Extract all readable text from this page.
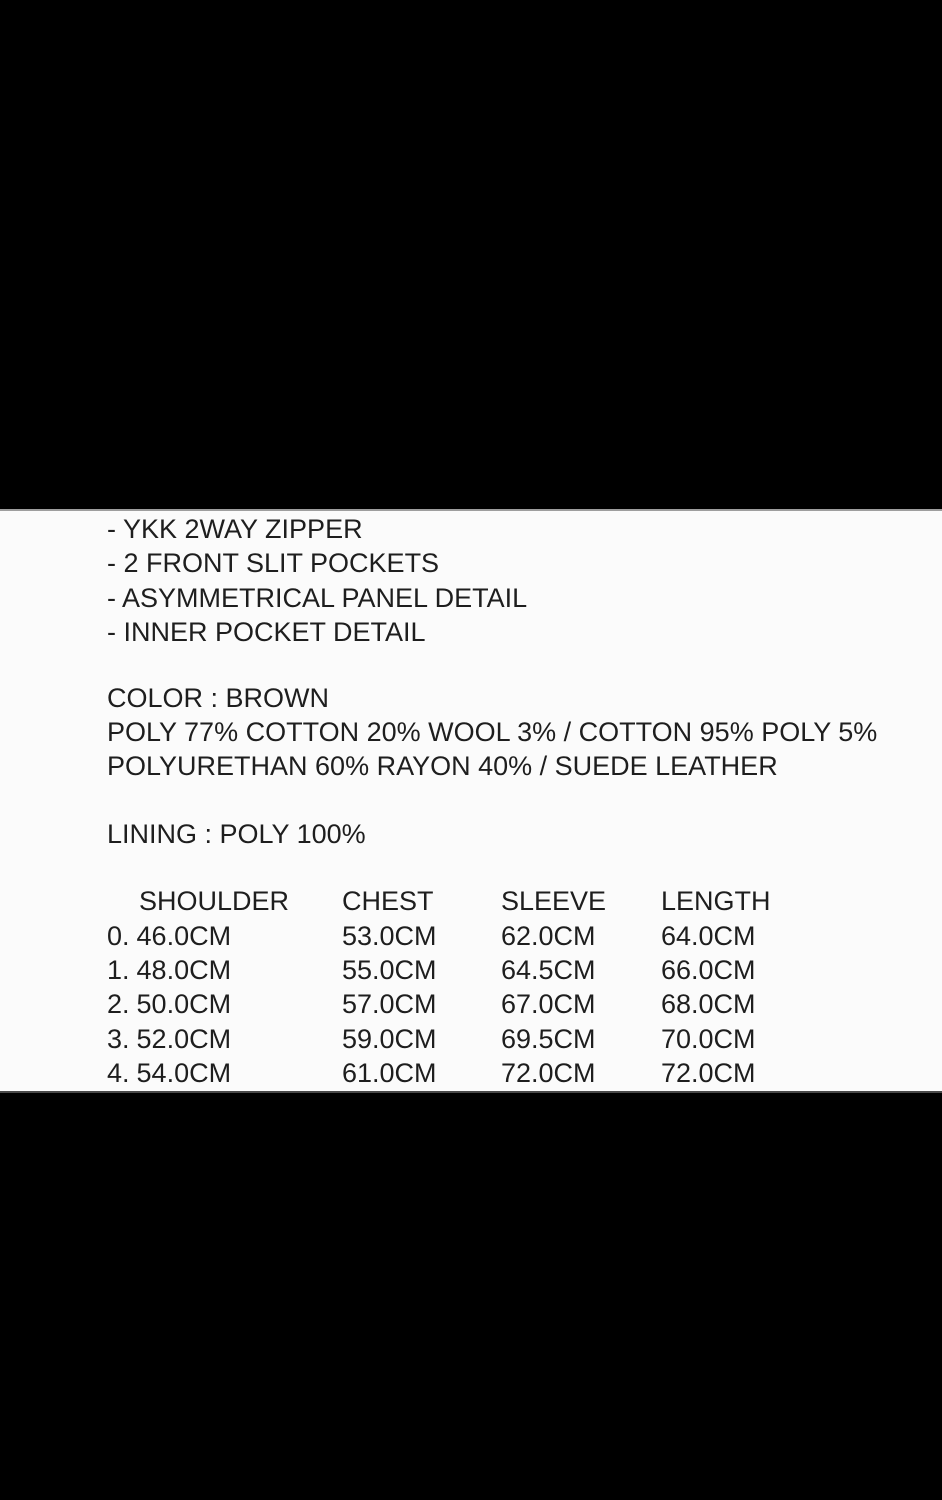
- YKK 2WAY ZIPPER
- 2 FRONT SLIT POCKETS
- ASYMMETRICAL PANEL DETAIL
- INNER POCKET DETAIL
COLOR : BROWN
POLY 77% COTTON 20% WOOL 3% / COTTON 95% POLY 5%
POLYURETHAN 60% RAYON 40% / SUEDE LEATHER
LINING : POLY 100%
SHOULDER	CHEST	SLEEVE	LENGTH
0. 46.0CM	53.0CM	62.0CM	64.0CM
1. 48.0CM	55.0CM	64.5CM	66.0CM
2. 50.0CM	57.0CM	67.0CM	68.0CM
3. 52.0CM	59.0CM	69.5CM	70.0CM
4. 54.0CM	61.0CM	72.0CM	72.0CM
